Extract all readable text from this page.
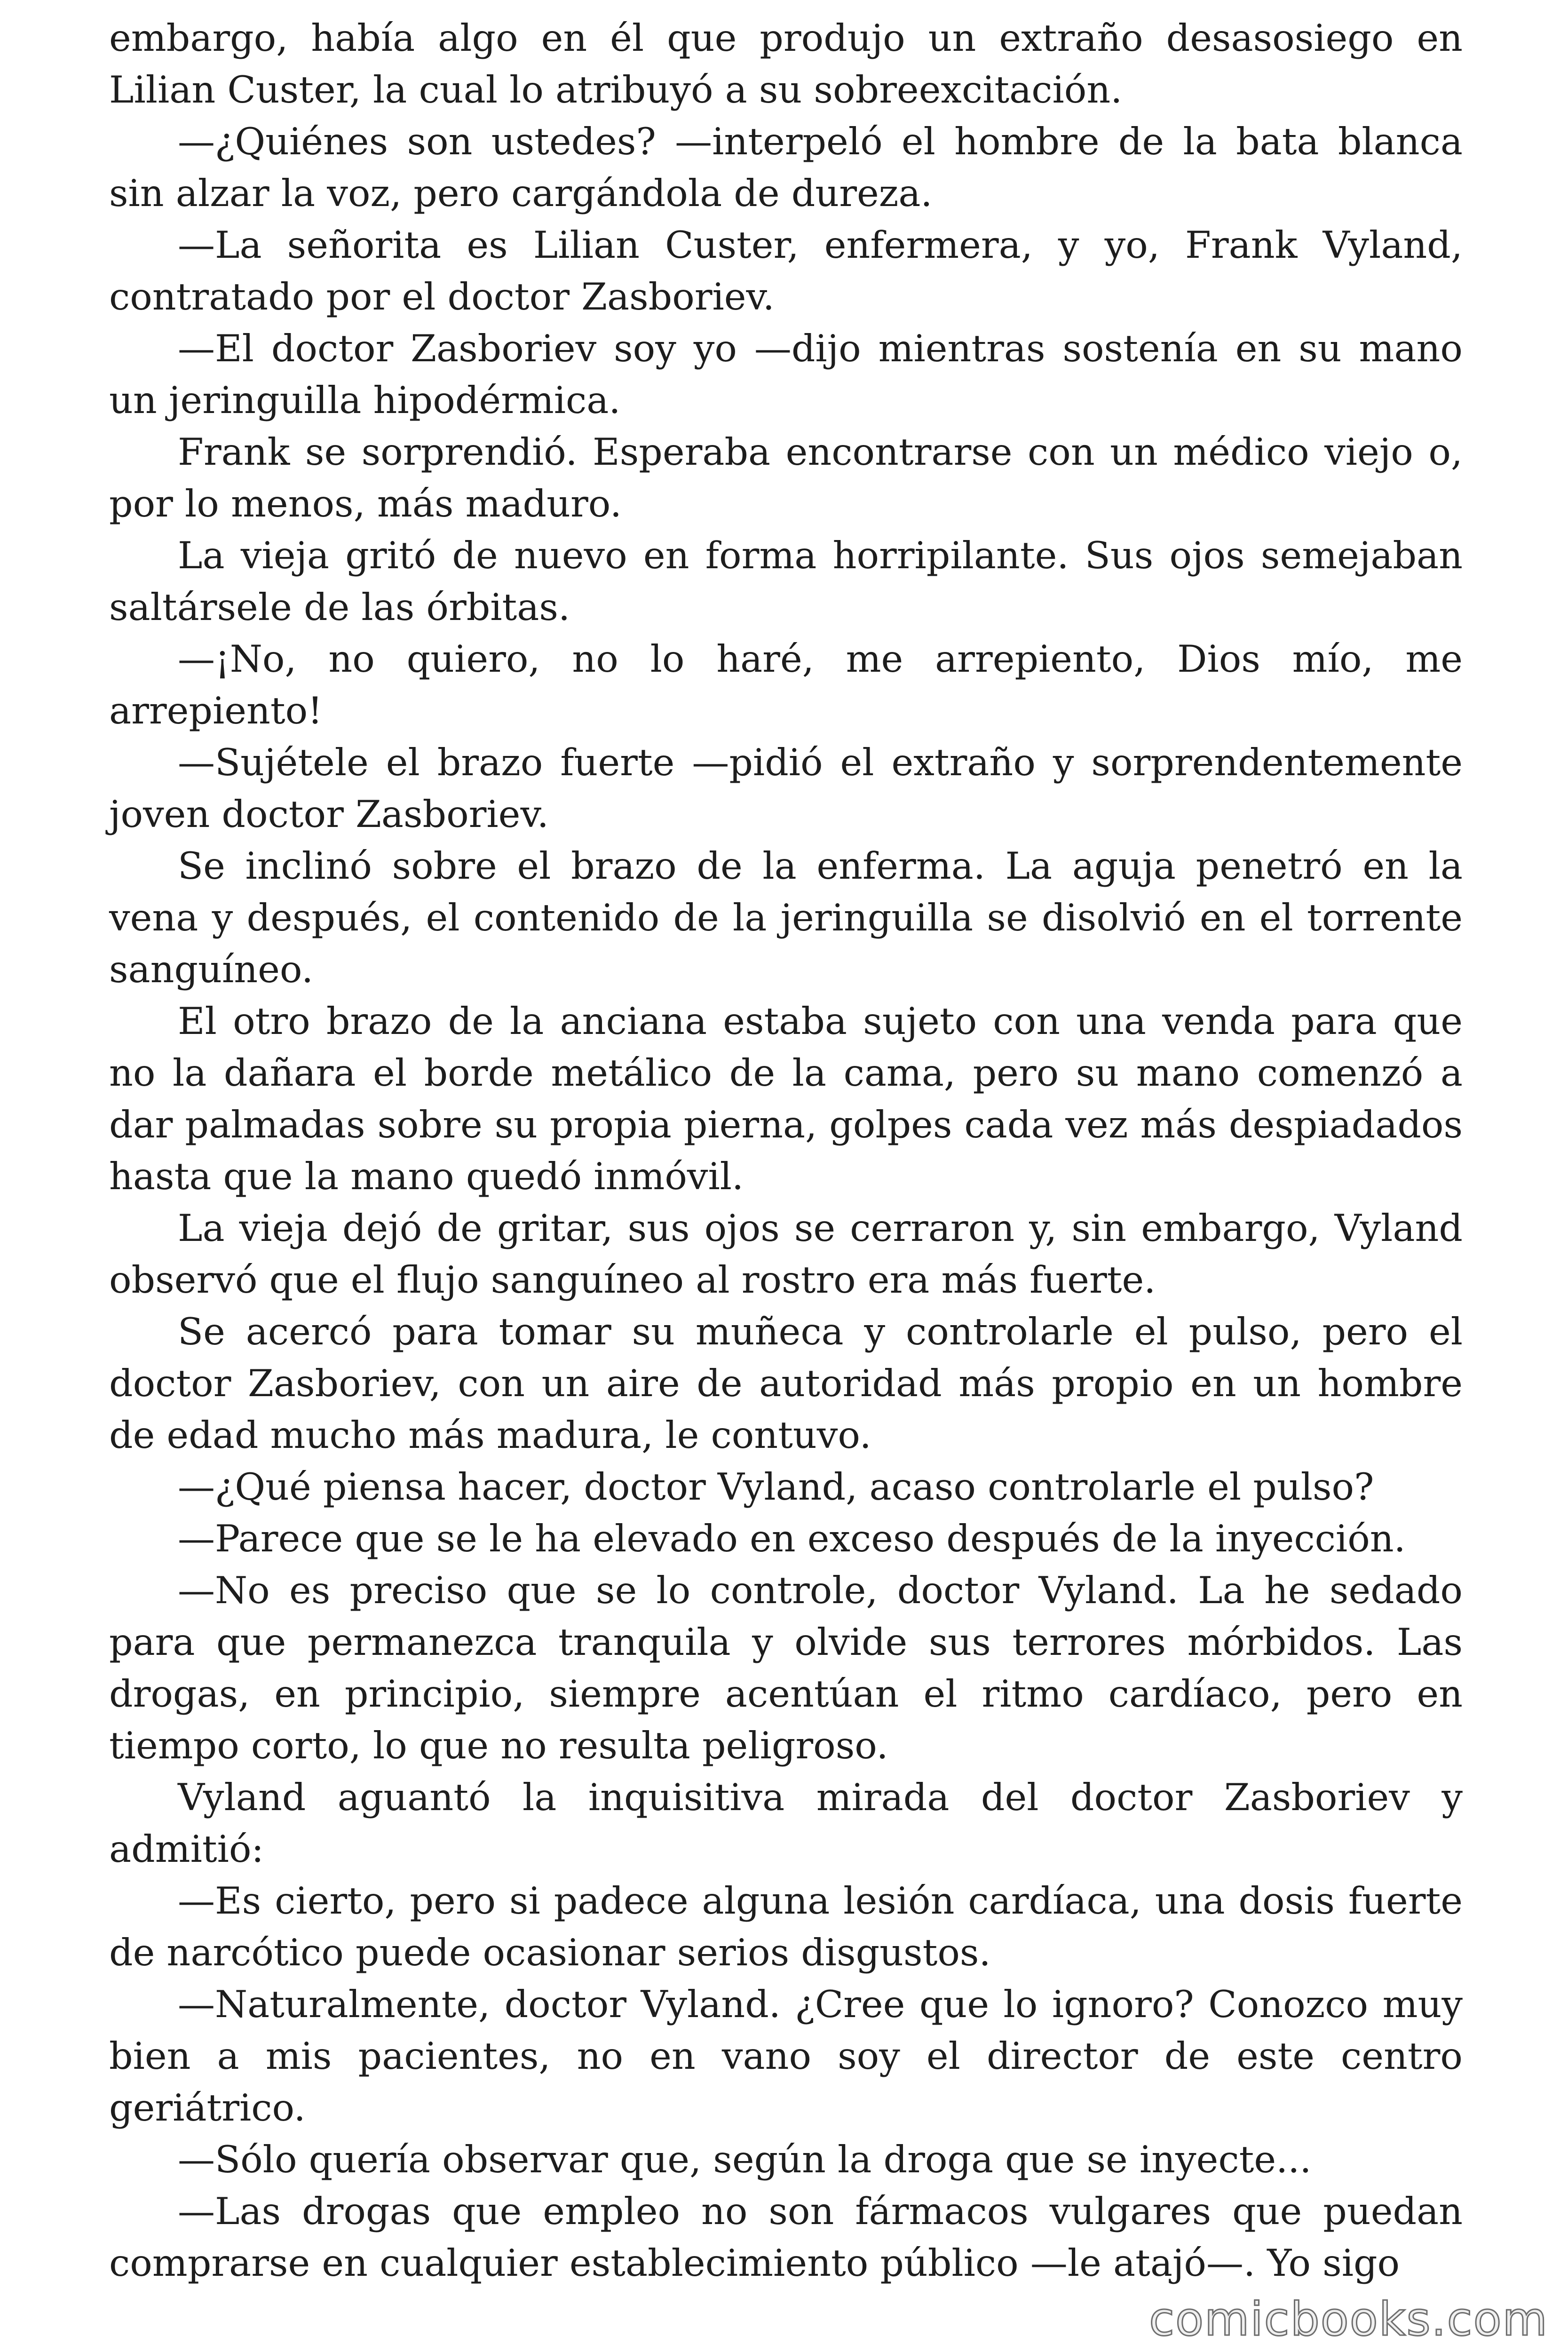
embargo, había algo en él que produjo un extraño desasosiego en Lilian Custer, la cual lo atribuyó a su sobreexcitación.

—¿Quiénes son ustedes? —interpeló el hombre de la bata blanca sin alzar la voz, pero cargándola de dureza.

—La señorita es Lilian Custer, enfermera, y yo, Frank Vyland, contratado por el doctor Zasboriev.

—El doctor Zasboriev soy yo —dijo mientras sostenía en su mano un jeringuilla hipodérmica.

Frank se sorprendió. Esperaba encontrarse con un médico viejo o, por lo menos, más maduro.

La vieja gritó de nuevo en forma horripilante. Sus ojos semejaban saltársele de las órbitas.

—¡No, no quiero, no lo haré, me arrepiento, Dios mío, me arrepiento!

—Sujételе el brazo fuerte —pidió el extraño y sorprendentemente joven doctor Zasboriev.

Se inclinó sobre el brazo de la enferma. La aguja penetró en la vena y después, el contenido de la jeringuilla se disolvió en el torrente sanguíneo.

El otro brazo de la anciana estaba sujeto con una venda para que no la dañara el borde metálico de la cama, pero su mano comenzó a dar palmadas sobre su propia pierna, golpes cada vez más despiadados hasta que la mano quedó inmóvil.

La vieja dejó de gritar, sus ojos se cerraron y, sin embargo, Vyland observó que el flujo sanguíneo al rostro era más fuerte.

Se acercó para tomar su muñeca y controlarle el pulso, pero el doctor Zasboriev, con un aire de autoridad más propio en un hombre de edad mucho más madura, le contuvo.

—¿Qué piensa hacer, doctor Vyland, acaso controlarle el pulso?

—Parece que se le ha elevado en exceso después de la inyección.

—No es preciso que se lo controle, doctor Vyland. La he sedado para que permanezca tranquila y olvide sus terrores mórbidos. Las drogas, en principio, siempre acentúan el ritmo cardíaco, pero en tiempo corto, lo que no resulta peligroso.

Vyland aguantó la inquisitiva mirada del doctor Zasboriev y admitió:

—Es cierto, pero si padece alguna lesión cardíaca, una dosis fuerte de narcótico puede ocasionar serios disgustos.

—Naturalmente, doctor Vyland. ¿Cree que lo ignoro? Conozco muy bien a mis pacientes, no en vano soy el director de este centro geriátrico.

—Sólo quería observar que, según la droga que se inyecte...

—Las drogas que empleo no son fármacos vulgares que puedan comprarse en cualquier establecimiento público —le atajó—. Yo sigo

comicbooks.com
